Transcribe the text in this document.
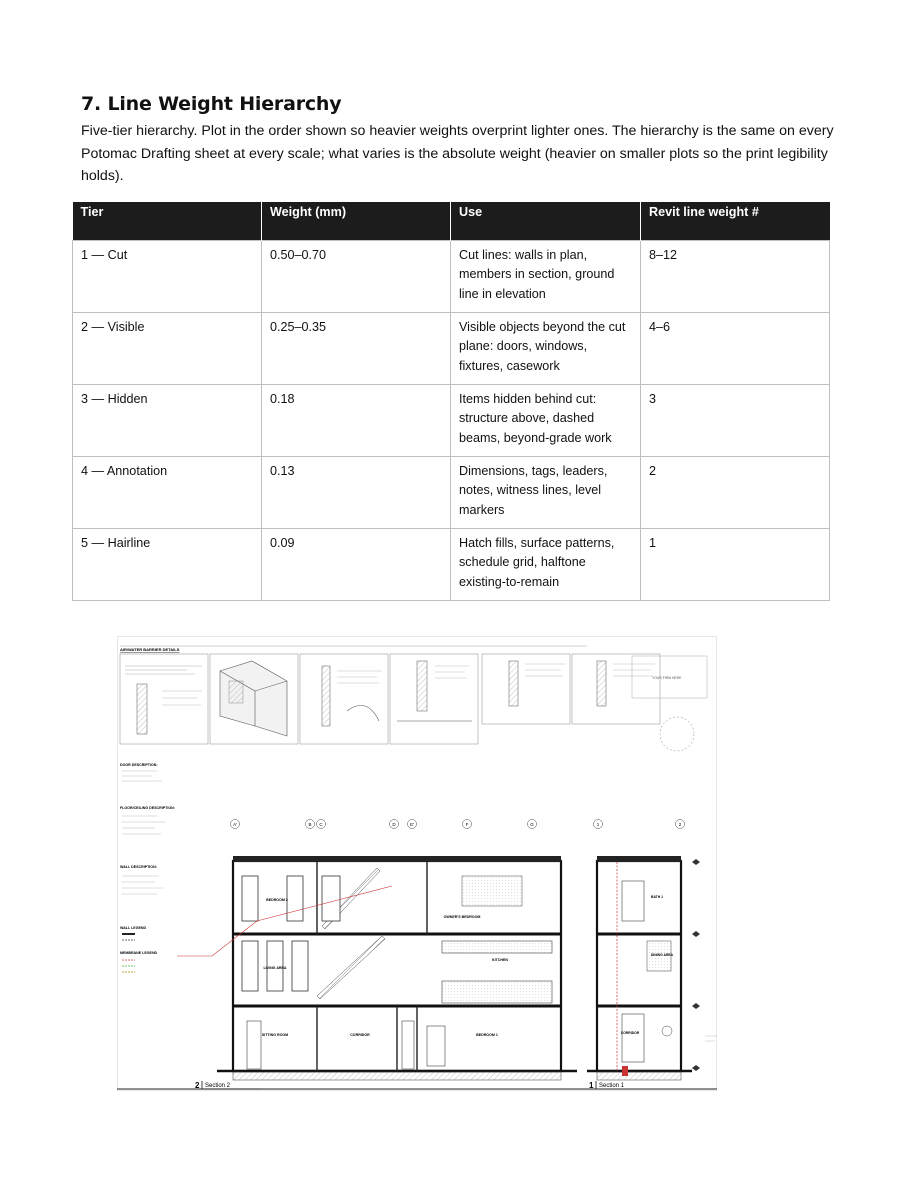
7. Line Weight Hierarchy

Five-tier hierarchy. Plot in the order shown so heavier weights overprint lighter ones. The hierarchy is the same on every Potomac Drafting sheet at every scale; what varies is the absolute weight (heavier on smaller plots so the print legibility holds).

Tier	Weight (mm)	Use	Revit line weight #
1 — Cut	0.50–0.70	Cut lines: walls in plan, members in section, ground line in elevation	8–12
2 — Visible	0.25–0.35	Visible objects beyond the cut plane: doors, windows, fixtures, casework	4–6
3 — Hidden	0.18	Items hidden behind cut: structure above, dashed beams, beyond-grade work	3
4 — Annotation	0.13	Dimensions, tags, leaders, notes, witness lines, level markers	2
5 — Hairline	0.09	Hatch fills, surface patterns, schedule grid, halftone existing-to-remain	1
AIR/WATER BARRIER DETAILS
YOUR FIRM HERE
DOOR DESCRIPTION:
FLOOR/CEILING DESCRIPTION:
WALL DESCRIPTION:
WALL LEGEND
MEMBRANE LEGEND
A'	B C	D	E'	F	G	1	2
BEDROOM 2
OWNER'S BEDROOM
LIVING AREA
KITCHEN
SITTING ROOM	CORRIDOR	BEDROOM 1
BATH 1
DINING AREA
CORRIDOR
2 Section 2	1 Section 1
